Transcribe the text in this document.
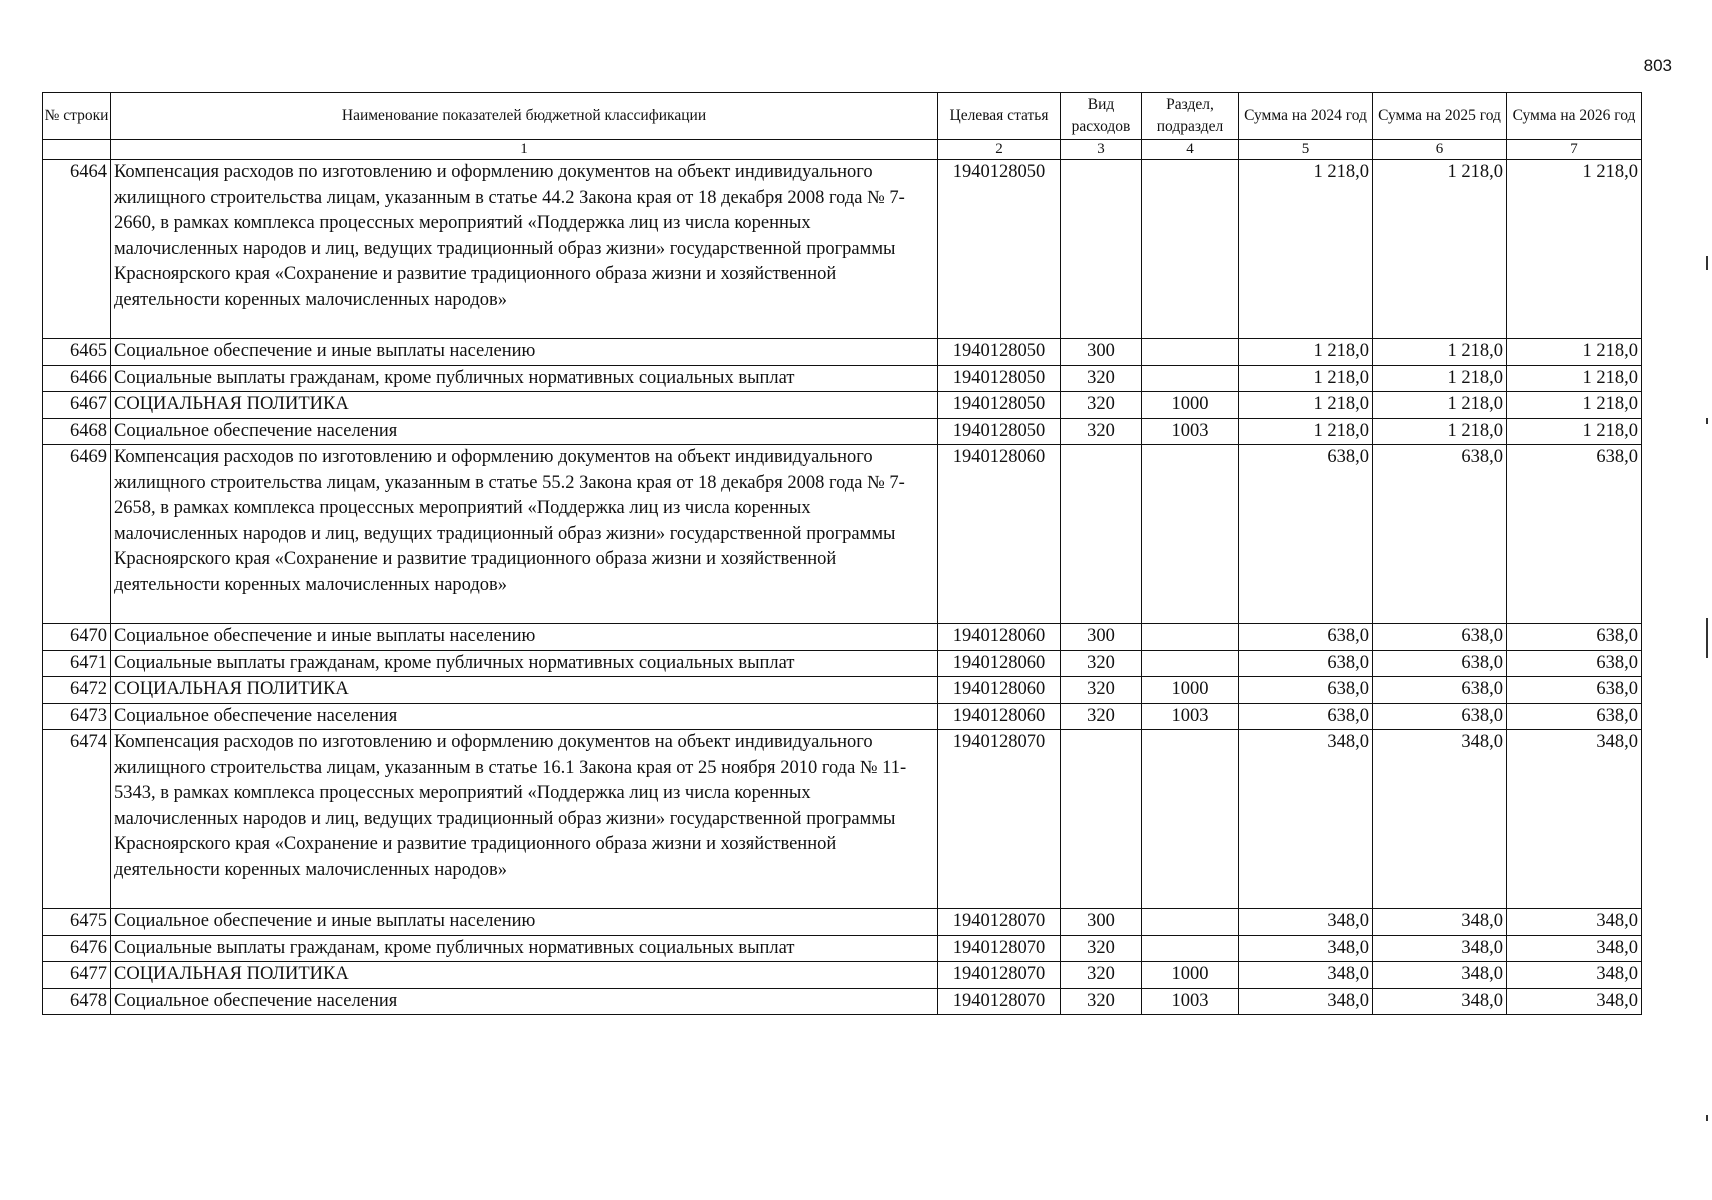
803
№ строки	Наименование показателей бюджетной классификации	Целевая статья	Вид расходов	Раздел, подраздел	Сумма на 2024 год	Сумма на 2025 год	Сумма на 2026 год
	1	2	3	4	5	6	7
6464	Компенсация расходов по изготовлению и оформлению документов на объект индивидуального жилищного строительства лицам, указанным в статье 44.2 Закона края от 18 декабря 2008 года № 7-2660, в рамках комплекса процессных мероприятий «Поддержка лиц из числа коренных малочисленных народов и лиц, ведущих традиционный образ жизни» государственной программы Красноярского края «Сохранение и развитие традиционного образа жизни и хозяйственной деятельности коренных малочисленных народов»	1940128050			1 218,0	1 218,0	1 218,0
6465	Социальное обеспечение и иные выплаты населению	1940128050	300		1 218,0	1 218,0	1 218,0
6466	Социальные выплаты гражданам, кроме публичных нормативных социальных выплат	1940128050	320		1 218,0	1 218,0	1 218,0
6467	СОЦИАЛЬНАЯ ПОЛИТИКА	1940128050	320	1000	1 218,0	1 218,0	1 218,0
6468	Социальное обеспечение населения	1940128050	320	1003	1 218,0	1 218,0	1 218,0
6469	Компенсация расходов по изготовлению и оформлению документов на объект индивидуального жилищного строительства лицам, указанным в статье 55.2 Закона края от 18 декабря 2008 года № 7-2658, в рамках комплекса процессных мероприятий «Поддержка лиц из числа коренных малочисленных народов и лиц, ведущих традиционный образ жизни» государственной программы Красноярского края «Сохранение и развитие традиционного образа жизни и хозяйственной деятельности коренных малочисленных народов»	1940128060			638,0	638,0	638,0
6470	Социальное обеспечение и иные выплаты населению	1940128060	300		638,0	638,0	638,0
6471	Социальные выплаты гражданам, кроме публичных нормативных социальных выплат	1940128060	320		638,0	638,0	638,0
6472	СОЦИАЛЬНАЯ ПОЛИТИКА	1940128060	320	1000	638,0	638,0	638,0
6473	Социальное обеспечение населения	1940128060	320	1003	638,0	638,0	638,0
6474	Компенсация расходов по изготовлению и оформлению документов на объект индивидуального жилищного строительства лицам, указанным в статье 16.1 Закона края от 25 ноября 2010 года № 11-5343, в рамках комплекса процессных мероприятий «Поддержка лиц из числа коренных малочисленных народов и лиц, ведущих традиционный образ жизни» государственной программы Красноярского края «Сохранение и развитие традиционного образа жизни и хозяйственной деятельности коренных малочисленных народов»	1940128070			348,0	348,0	348,0
6475	Социальное обеспечение и иные выплаты населению	1940128070	300		348,0	348,0	348,0
6476	Социальные выплаты гражданам, кроме публичных нормативных социальных выплат	1940128070	320		348,0	348,0	348,0
6477	СОЦИАЛЬНАЯ ПОЛИТИКА	1940128070	320	1000	348,0	348,0	348,0
6478	Социальное обеспечение населения	1940128070	320	1003	348,0	348,0	348,0
